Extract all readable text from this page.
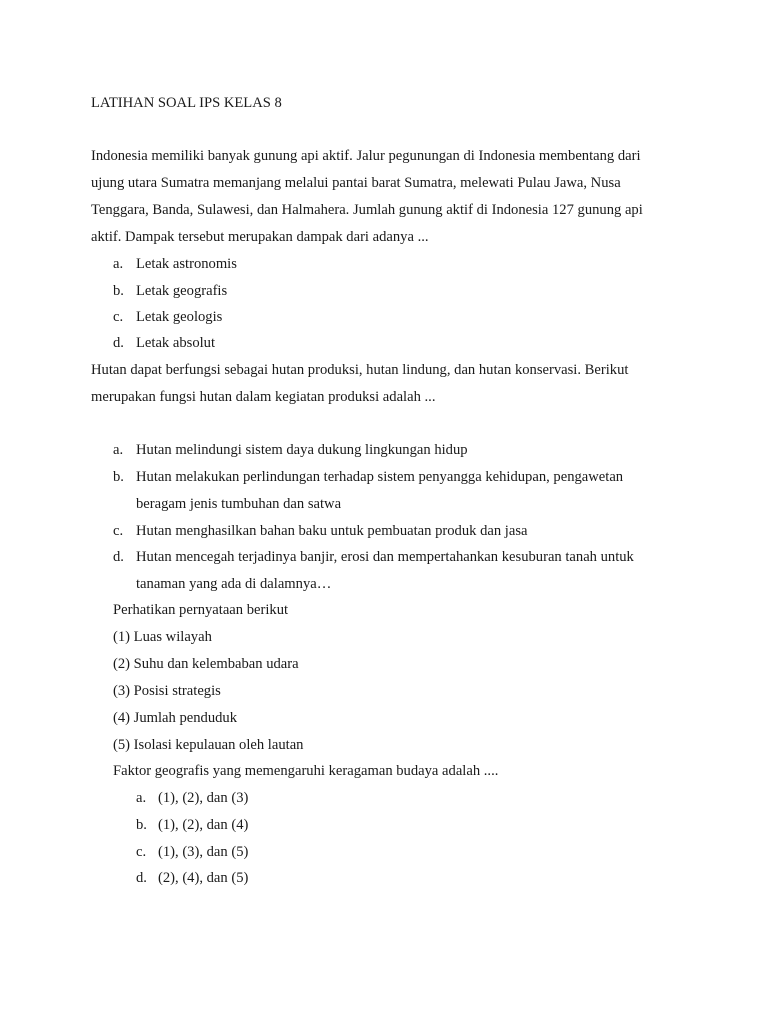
LATIHAN SOAL IPS KELAS 8
Indonesia memiliki banyak gunung api aktif. Jalur pegunungan di Indonesia membentang dari
ujung utara Sumatra memanjang melalui pantai barat Sumatra, melewati Pulau Jawa, Nusa
Tenggara, Banda, Sulawesi, dan Halmahera. Jumlah gunung aktif di Indonesia 127 gunung api
aktif. Dampak tersebut merupakan dampak dari adanya ...
a. Letak astronomis
b. Letak geografis
c. Letak geologis
d. Letak absolut
Hutan dapat berfungsi sebagai hutan produksi, hutan lindung, dan hutan konservasi. Berikut
merupakan fungsi hutan dalam kegiatan produksi adalah ...
a. Hutan melindungi sistem daya dukung lingkungan hidup
b. Hutan melakukan perlindungan terhadap sistem penyangga kehidupan, pengawetan
beragam jenis tumbuhan dan satwa
c. Hutan menghasilkan bahan baku untuk pembuatan produk dan jasa
d. Hutan mencegah terjadinya banjir, erosi dan mempertahankan kesuburan tanah untuk
tanaman yang ada di dalamnya…
Perhatikan pernyataan berikut
(1) Luas wilayah
(2) Suhu dan kelembaban udara
(3) Posisi strategis
(4) Jumlah penduduk
(5) Isolasi kepulauan oleh lautan
Faktor geografis yang memengaruhi keragaman budaya adalah ....
a. (1), (2), dan (3)
b. (1), (2), dan (4)
c. (1), (3), dan (5)
d. (2), (4), dan (5)
